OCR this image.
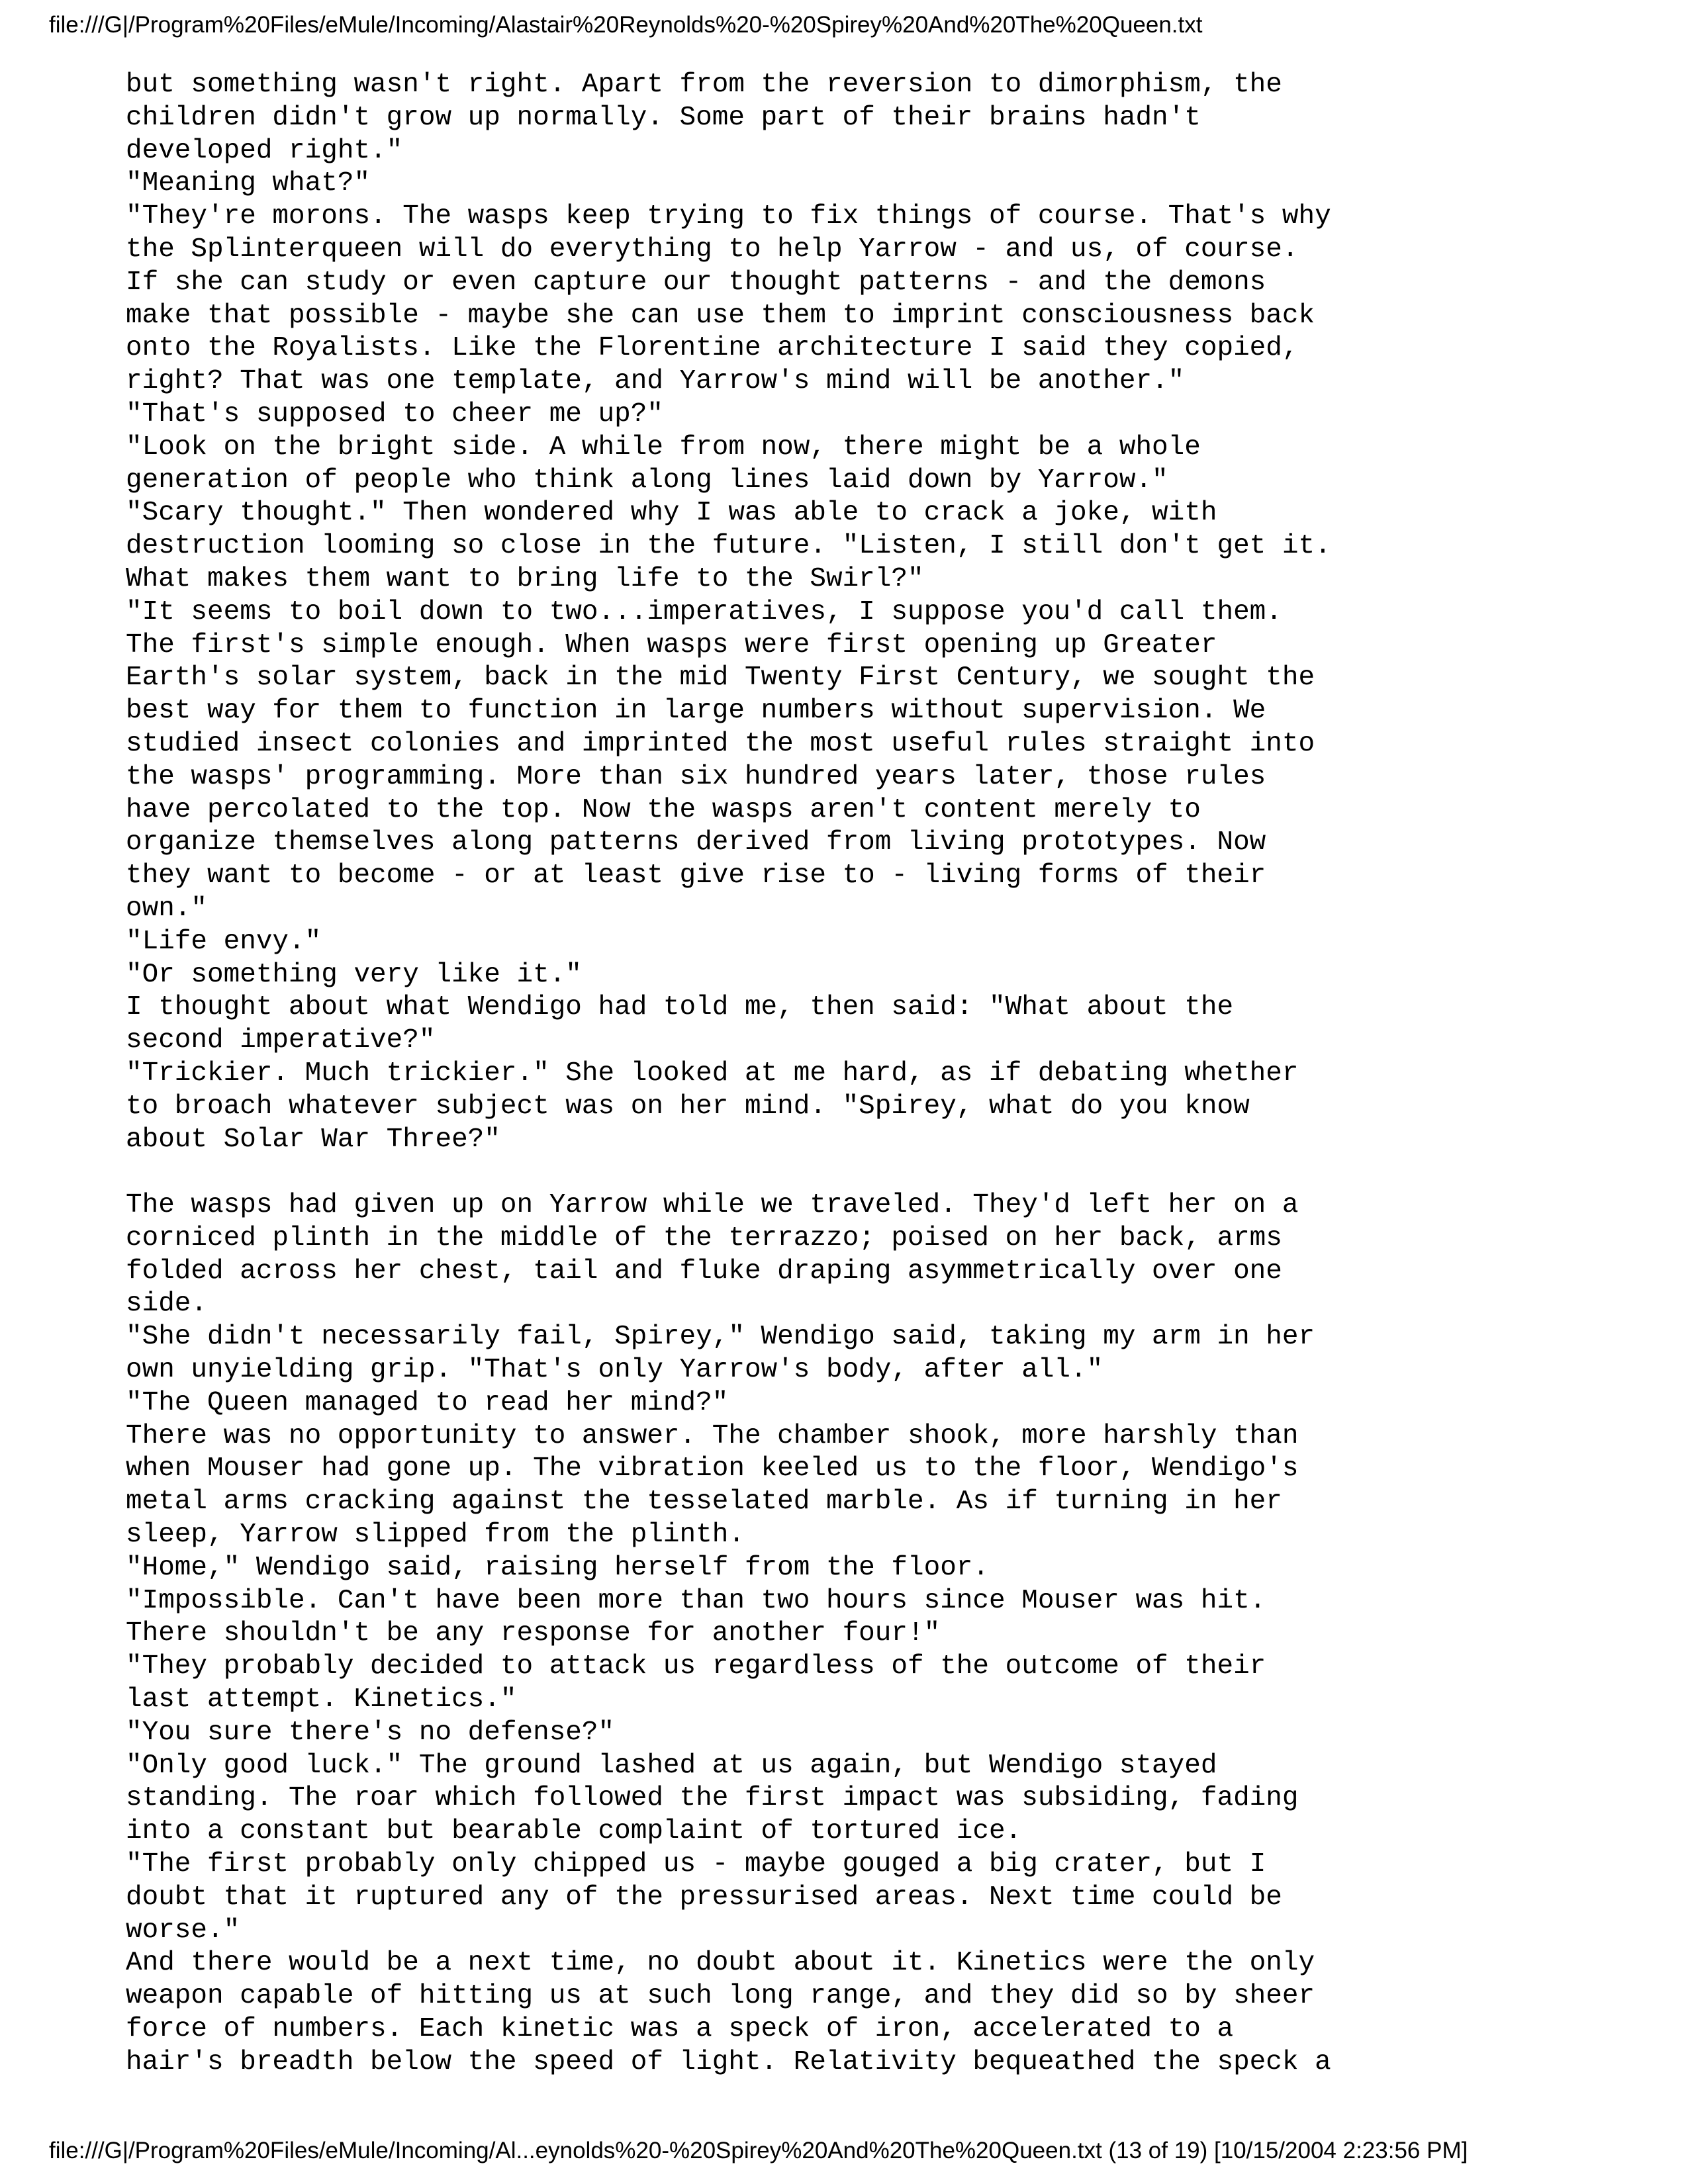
file:///G|/Program%20Files/eMule/Incoming/Alastair%20Reynolds%20-%20Spirey%20And%20The%20Queen.txt
but something wasn't right. Apart from the reversion to dimorphism, the
children didn't grow up normally. Some part of their brains hadn't
developed right."
"Meaning what?"
"They're morons. The wasps keep trying to fix things of course. That's why
the Splinterqueen will do everything to help Yarrow - and us, of course.
If she can study or even capture our thought patterns - and the demons
make that possible - maybe she can use them to imprint consciousness back
onto the Royalists. Like the Florentine architecture I said they copied,
right? That was one template, and Yarrow's mind will be another."
"That's supposed to cheer me up?"
"Look on the bright side. A while from now, there might be a whole
generation of people who think along lines laid down by Yarrow."
"Scary thought." Then wondered why I was able to crack a joke, with
destruction looming so close in the future. "Listen, I still don't get it.
What makes them want to bring life to the Swirl?"
"It seems to boil down to two...imperatives, I suppose you'd call them.
The first's simple enough. When wasps were first opening up Greater
Earth's solar system, back in the mid Twenty First Century, we sought the
best way for them to function in large numbers without supervision. We
studied insect colonies and imprinted the most useful rules straight into
the wasps' programming. More than six hundred years later, those rules
have percolated to the top. Now the wasps aren't content merely to
organize themselves along patterns derived from living prototypes. Now
they want to become - or at least give rise to - living forms of their
own."
"Life envy."
"Or something very like it."
I thought about what Wendigo had told me, then said: "What about the
second imperative?"
"Trickier. Much trickier." She looked at me hard, as if debating whether
to broach whatever subject was on her mind. "Spirey, what do you know
about Solar War Three?"
The wasps had given up on Yarrow while we traveled. They'd left her on a
corniced plinth in the middle of the terrazzo; poised on her back, arms
folded across her chest, tail and fluke draping asymmetrically over one
side.
"She didn't necessarily fail, Spirey," Wendigo said, taking my arm in her
own unyielding grip. "That's only Yarrow's body, after all."
"The Queen managed to read her mind?"
There was no opportunity to answer. The chamber shook, more harshly than
when Mouser had gone up. The vibration keeled us to the floor, Wendigo's
metal arms cracking against the tesselated marble. As if turning in her
sleep, Yarrow slipped from the plinth.
"Home," Wendigo said, raising herself from the floor.
"Impossible. Can't have been more than two hours since Mouser was hit.
There shouldn't be any response for another four!"
"They probably decided to attack us regardless of the outcome of their
last attempt. Kinetics."
"You sure there's no defense?"
"Only good luck." The ground lashed at us again, but Wendigo stayed
standing. The roar which followed the first impact was subsiding, fading
into a constant but bearable complaint of tortured ice.
"The first probably only chipped us - maybe gouged a big crater, but I
doubt that it ruptured any of the pressurised areas. Next time could be
worse."
And there would be a next time, no doubt about it. Kinetics were the only
weapon capable of hitting us at such long range, and they did so by sheer
force of numbers. Each kinetic was a speck of iron, accelerated to a
hair's breadth below the speed of light. Relativity bequeathed the speck a
file:///G|/Program%20Files/eMule/Incoming/Al...eynolds%20-%20Spirey%20And%20The%20Queen.txt (13 of 19) [10/15/2004 2:23:56 PM]
